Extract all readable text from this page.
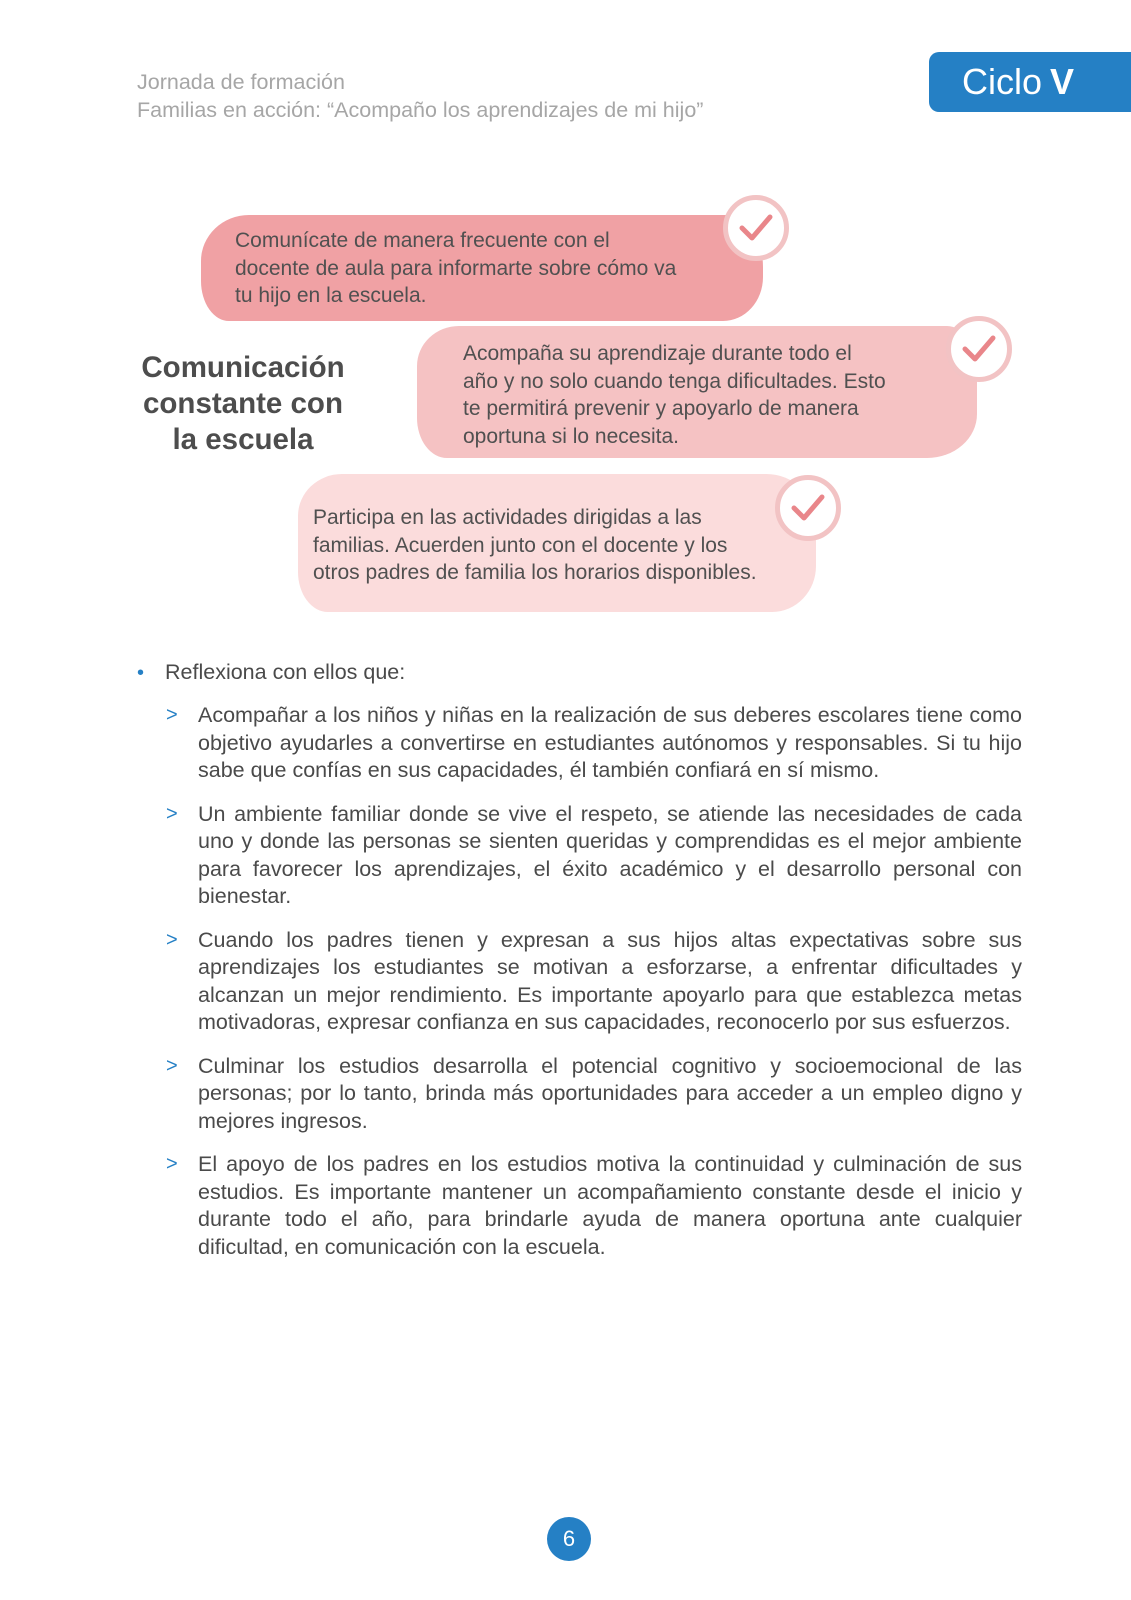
Jornada de formación
Familias en acción: “Acompaño los aprendizajes de mi hijo”
Ciclo V
Comunícate de manera frecuente con el
docente de aula para informarte sobre cómo va
tu hijo en la escuela.
Comunicación
constante con
la escuela
Acompaña su aprendizaje durante todo el
año y no solo cuando tenga dificultades. Esto
te permitirá prevenir y apoyarlo de manera
oportuna si lo necesita.
Participa en las actividades dirigidas a las
familias. Acuerden junto con el docente y los
otros padres de familia los horarios disponibles.
• Reflexiona con ellos que:
> Acompañar a los niños y niñas en la realización de sus deberes escolares tiene como objetivo ayudarles a convertirse en estudiantes autónomos y responsables. Si tu hijo sabe que confías en sus capacidades, él también confiará en sí mismo.
> Un ambiente familiar donde se vive el respeto, se atiende las necesidades de cada uno y donde las personas se sienten queridas y comprendidas es el mejor ambiente para favorecer los aprendizajes, el éxito académico y el desarrollo personal con bienestar.
> Cuando los padres tienen y expresan a sus hijos altas expectativas sobre sus aprendizajes los estudiantes se motivan a esforzarse, a enfrentar dificultades y alcanzan un mejor rendimiento. Es importante apoyarlo para que establezca metas motivadoras, expresar confianza en sus capacidades, reconocerlo por sus esfuerzos.
> Culminar los estudios desarrolla el potencial cognitivo y socioemocional de las personas; por lo tanto, brinda más oportunidades para acceder a un empleo digno y mejores ingresos.
> El apoyo de los padres en los estudios motiva la continuidad y culminación de sus estudios. Es importante mantener un acompañamiento constante desde el inicio y durante todo el año, para brindarle ayuda de manera oportuna ante cualquier dificultad, en comunicación con la escuela.
6
